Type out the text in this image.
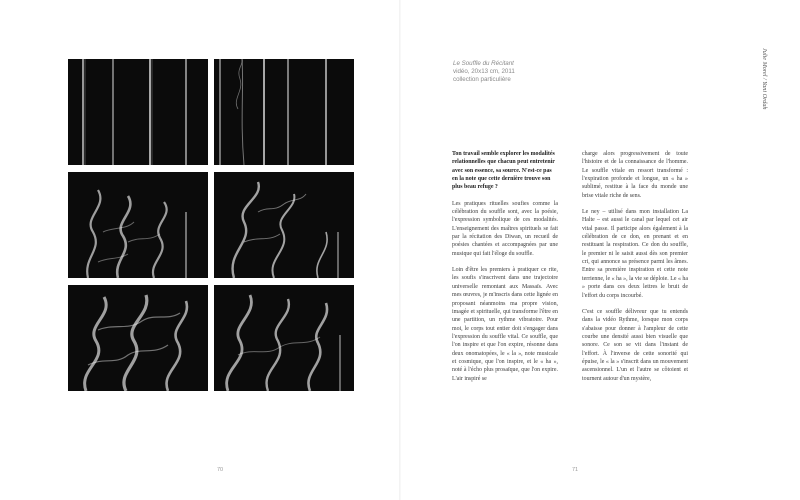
Le Souffle du Récitant
vidéo, 20x13 cm, 2011
collection particulière	Julie Morel / Yani Ordah

Ton travail semble explorer les modalités relationnelles que chacun peut entretenir avec son essence, sa source. N'est-ce pas en la note que cette dernière trouve son plus beau refuge ?

Les pratiques rituelles soufies comme la célébration du souffle sont, avec la poésie, l'expression symbolique de ces modalités. L'enseignement des maîtres spirituels se fait par la récitation des Diwan, un recueil de poésies chantées et accompagnées par une musique qui fait l'éloge du souffle.

Loin d'être les premiers à pratiquer ce rite, les soufis s'inscrivent dans une trajectoire universelle remontant aux Massaïs. Avec mes œuvres, je m'inscris dans cette lignée en proposant néanmoins ma propre vision, imagée et spirituelle, qui transforme l'être en une partition, un rythme vibratoire. Pour moi, le corps tout entier doit s'engager dans l'expression du souffle vital. Ce souffle, que l'on inspire et que l'on expire, résonne dans deux onomatopées, le « la », note musicale et cosmique, que l'on inspire, et le « ha », noté à l'écho plus prosaïque, que l'on expire. L'air inspiré se

charge alors progressivement de toute l'histoire et de la connaissance de l'homme. Le souffle vitale en ressort transformé : l'expiration profonde et longue, un « ha » sublimé, restitue à la face du monde une brise vitale riche de sens.

Le ney – utilisé dans mon installation La Halte – est aussi le canal par lequel cet air vital passe. Il participe alors également à la célébration de ce don, en prenant et en restituant la respiration. Ce don du souffle, le premier ni le saisit aussi dès son premier cri, qui annonce sa présence parmi les âmes. Entre sa première inspiration et cette note terrienne, le « ha », la vie se déploie. Le « ha » porte dans ces deux lettres le bruit de l'effort du corps incourbé.

C'est ce souffle délivreur que tu entends dans la vidéo Rythme, lorsque mon corps s'abaisse pour donner à l'ampleur de cette courbe une densité aussi bien visuelle que sonore. Ce son se vit dans l'instant de l'effort. À l'inverse de cette sonorité qui épuise, le « la » s'inscrit dans un mouvement ascensionnel. L'un et l'autre se côtoient et tournent autour d'un mystère,

70	71
